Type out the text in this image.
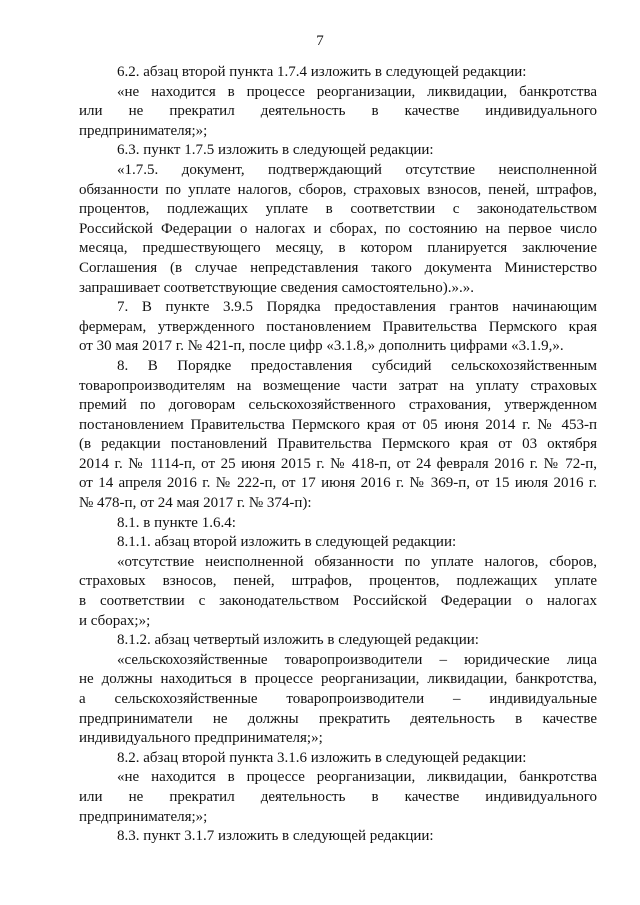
7

6.2. абзац второй пункта 1.7.4 изложить в следующей редакции:

«не находится в процессе реорганизации, ликвидации, банкротства
или не прекратил деятельность в качестве индивидуального
предпринимателя;»;

6.3. пункт 1.7.5 изложить в следующей редакции:

«1.7.5. документ, подтверждающий отсутствие неисполненной
обязанности по уплате налогов, сборов, страховых взносов, пеней, штрафов,
процентов, подлежащих уплате в соответствии с законодательством
Российской Федерации о налогах и сборах, по состоянию на первое число
месяца, предшествующего месяцу, в котором планируется заключение
Соглашения (в случае непредставления такого документа Министерство
запрашивает соответствующие сведения самостоятельно).».».
7. В пункте 3.9.5 Порядка предоставления грантов начинающим
фермерам, утвержденного постановлением Правительства Пермского края
от 30 мая 2017 г. № 421-п, после цифр «3.1.8,» дополнить цифрами «3.1.9,».
8. В Порядке предоставления субсидий сельскохозяйственным
товаропроизводителям на возмещение части затрат на уплату страховых
премий по договорам сельскохозяйственного страхования, утвержденном
постановлением Правительства Пермского края от 05 июня 2014 г. № 453-п
(в редакции постановлений Правительства Пермского края от 03 октября
2014 г. № 1114-п, от 25 июня 2015 г. № 418-п, от 24 февраля 2016 г. № 72-п,
от 14 апреля 2016 г. № 222-п, от 17 июня 2016 г. № 369-п, от 15 июля 2016 г.
№ 478-п, от 24 мая 2017 г. № 374-п):

8.1. в пункте 1.6.4:

8.1.1. абзац второй изложить в следующей редакции:

«отсутствие неисполненной обязанности по уплате налогов, сборов,
страховых взносов, пеней, штрафов, процентов, подлежащих уплате
в соответствии с законодательством Российской Федерации о налогах
и сборах;»;

8.1.2. абзац четвертый изложить в следующей редакции:

«сельскохозяйственные товаропроизводители – юридические лица
не должны находиться в процессе реорганизации, ликвидации, банкротства,
а сельскохозяйственные товаропроизводители – индивидуальные
предприниматели не должны прекратить деятельность в качестве
индивидуального предпринимателя;»;

8.2. абзац второй пункта 3.1.6 изложить в следующей редакции:

«не находится в процессе реорганизации, ликвидации, банкротства
или не прекратил деятельность в качестве индивидуального
предпринимателя;»;

8.3. пункт 3.1.7 изложить в следующей редакции:
